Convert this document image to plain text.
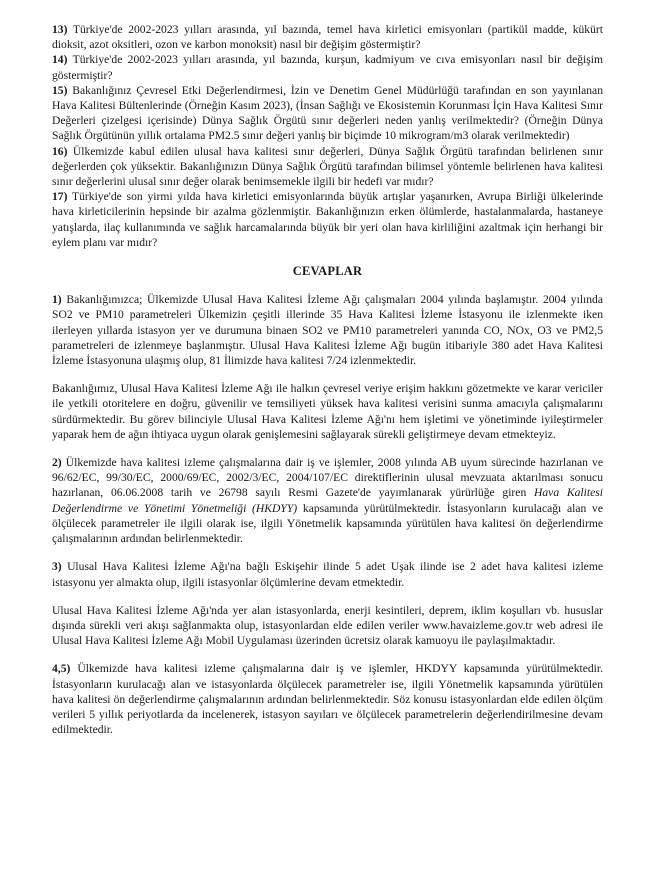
13) Türkiye'de 2002-2023 yılları arasında, yıl bazında, temel hava kirletici emisyonları (partikül madde, kükürt dioksit, azot oksitleri, ozon ve karbon monoksit) nasıl bir değişim göstermiştir?

14) Türkiye'de 2002-2023 yılları arasında, yıl bazında, kurşun, kadmiyum ve cıva emisyonları nasıl bir değişim göstermiştir?

15) Bakanlığınız Çevresel Etki Değerlendirmesi, İzin ve Denetim Genel Müdürlüğü tarafından en son yayınlanan Hava Kalitesi Bültenlerinde (Örneğin Kasım 2023), (İnsan Sağlığı ve Ekosistemin Korunması İçin Hava Kalitesi Sınır Değerleri çizelgesi içerisinde) Dünya Sağlık Örgütü sınır değerleri neden yanlış verilmektedir? (Örneğin Dünya Sağlık Örgütünün yıllık ortalama PM2.5 sınır değeri yanlış bir biçimde 10 mikrogram/m3 olarak verilmektedir)

16) Ülkemizde kabul edilen ulusal hava kalitesi sınır değerleri, Dünya Sağlık Örgütü tarafından belirlenen sınır değerlerden çok yüksektir. Bakanlığınızın Dünya Sağlık Örgütü tarafından bilimsel yöntemle belirlenen hava kalitesi sınır değerlerini ulusal sınır değer olarak benimsemekle ilgili bir hedefi var mıdır?

17) Türkiye'de son yirmi yılda hava kirletici emisyonlarında büyük artışlar yaşanırken, Avrupa Birliği ülkelerinde hava kirleticilerinin hepsinde bir azalma gözlenmiştir. Bakanlığınızın erken ölümlerde, hastalanmalarda, hastaneye yatışlarda, ilaç kullanımında ve sağlık harcamalarında büyük bir yeri olan hava kirliliğini azaltmak için herhangi bir eylem planı var mıdır?

CEVAPLAR

1) Bakanlığımızca; Ülkemizde Ulusal Hava Kalitesi İzleme Ağı çalışmaları 2004 yılında başlamıştır. 2004 yılında SO2 ve PM10 parametreleri Ülkemizin çeşitli illerinde 35 Hava Kalitesi İzleme İstasyonu ile izlenmekte iken ilerleyen yıllarda istasyon yer ve durumuna binaen SO2 ve PM10 parametreleri yanında CO, NOx, O3 ve PM2,5 parametreleri de izlenmeye başlanmıştır. Ulusal Hava Kalitesi İzleme Ağı bugün itibariyle 380 adet Hava Kalitesi İzleme İstasyonuna ulaşmış olup, 81 İlimizde hava kalitesi 7/24 izlenmektedir.

Bakanlığımız, Ulusal Hava Kalitesi İzleme Ağı ile halkın çevresel veriye erişim hakkını gözetmekte ve karar vericiler ile yetkili otoritelere en doğru, güvenilir ve temsiliyeti yüksek hava kalitesi verisini sunma amacıyla çalışmalarını sürdürmektedir. Bu görev bilinciyle Ulusal Hava Kalitesi İzleme Ağı'nı hem işletimi ve yönetiminde iyileştirmeler yaparak hem de ağın ihtiyaca uygun olarak genişlemesini sağlayarak sürekli geliştirmeye devam etmekteyiz.

2) Ülkemizde hava kalitesi izleme çalışmalarına dair iş ve işlemler, 2008 yılında AB uyum sürecinde hazırlanan ve 96/62/EC, 99/30/EC, 2000/69/EC, 2002/3/EC, 2004/107/EC direktiflerinin ulusal mevzuata aktarılması sonucu hazırlanan, 06.06.2008 tarih ve 26798 sayılı Resmi Gazete'de yayımlanarak yürürlüğe giren Hava Kalitesi Değerlendirme ve Yönetimi Yönetmeliği (HKDYY) kapsamında yürütülmektedir. İstasyonların kurulacağı alan ve ölçülecek parametreler ile ilgili olarak ise, ilgili Yönetmelik kapsamında yürütülen hava kalitesi ön değerlendirme çalışmalarının ardından belirlenmektedir.

3) Ulusal Hava Kalitesi İzleme Ağı'na bağlı Eskişehir ilinde 5 adet Uşak ilinde ise 2 adet hava kalitesi izleme istasyonu yer almakta olup, ilgili istasyonlar ölçümlerine devam etmektedir.

Ulusal Hava Kalitesi İzleme Ağı'nda yer alan istasyonlarda, enerji kesintileri, deprem, iklim koşulları vb. hususlar dışında sürekli veri akışı sağlanmakta olup, istasyonlardan elde edilen veriler www.havaizleme.gov.tr web adresi ile Ulusal Hava Kalitesi İzleme Ağı Mobil Uygulaması üzerinden ücretsiz olarak kamuoyu ile paylaşılmaktadır.

4,5) Ülkemizde hava kalitesi izleme çalışmalarına dair iş ve işlemler, HKDYY kapsamında yürütülmektedir. İstasyonların kurulacağı alan ve istasyonlarda ölçülecek parametreler ise, ilgili Yönetmelik kapsamında yürütülen hava kalitesi ön değerlendirme çalışmalarının ardından belirlenmektedir. Söz konusu istasyonlardan elde edilen ölçüm verileri 5 yıllık periyotlarda da incelenerek, istasyon sayıları ve ölçülecek parametrelerin değerlendirilmesine devam edilmektedir.
